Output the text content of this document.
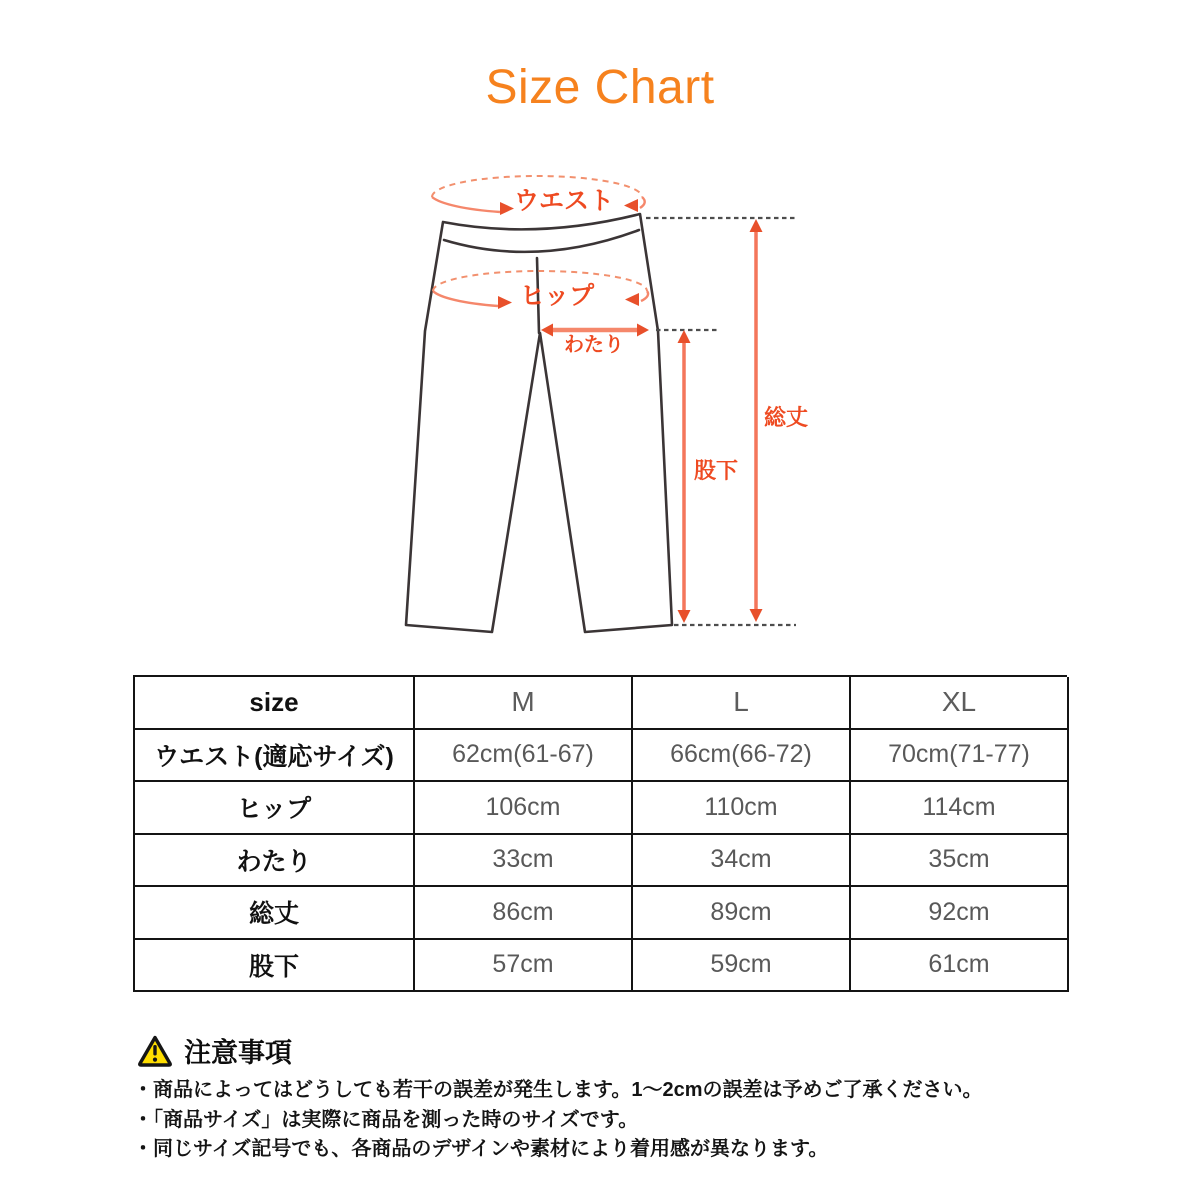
Size Chart
ウエスト
ヒップ
わたり
股下
総丈
size	M	L	XL
ウエスト(適応サイズ)	62cm(61-67)	66cm(66-72)	70cm(71-77)
ヒップ	106cm	110cm	114cm
わたり	33cm	34cm	35cm
総丈	86cm	89cm	92cm
股下	57cm	59cm	61cm
注意事項
・商品によってはどうしても若干の誤差が発生します。1〜2cmの誤差は予めご了承ください。
・「商品サイズ」は実際に商品を測った時のサイズです。
・同じサイズ記号でも、各商品のデザインや素材により着用感が異なります。
